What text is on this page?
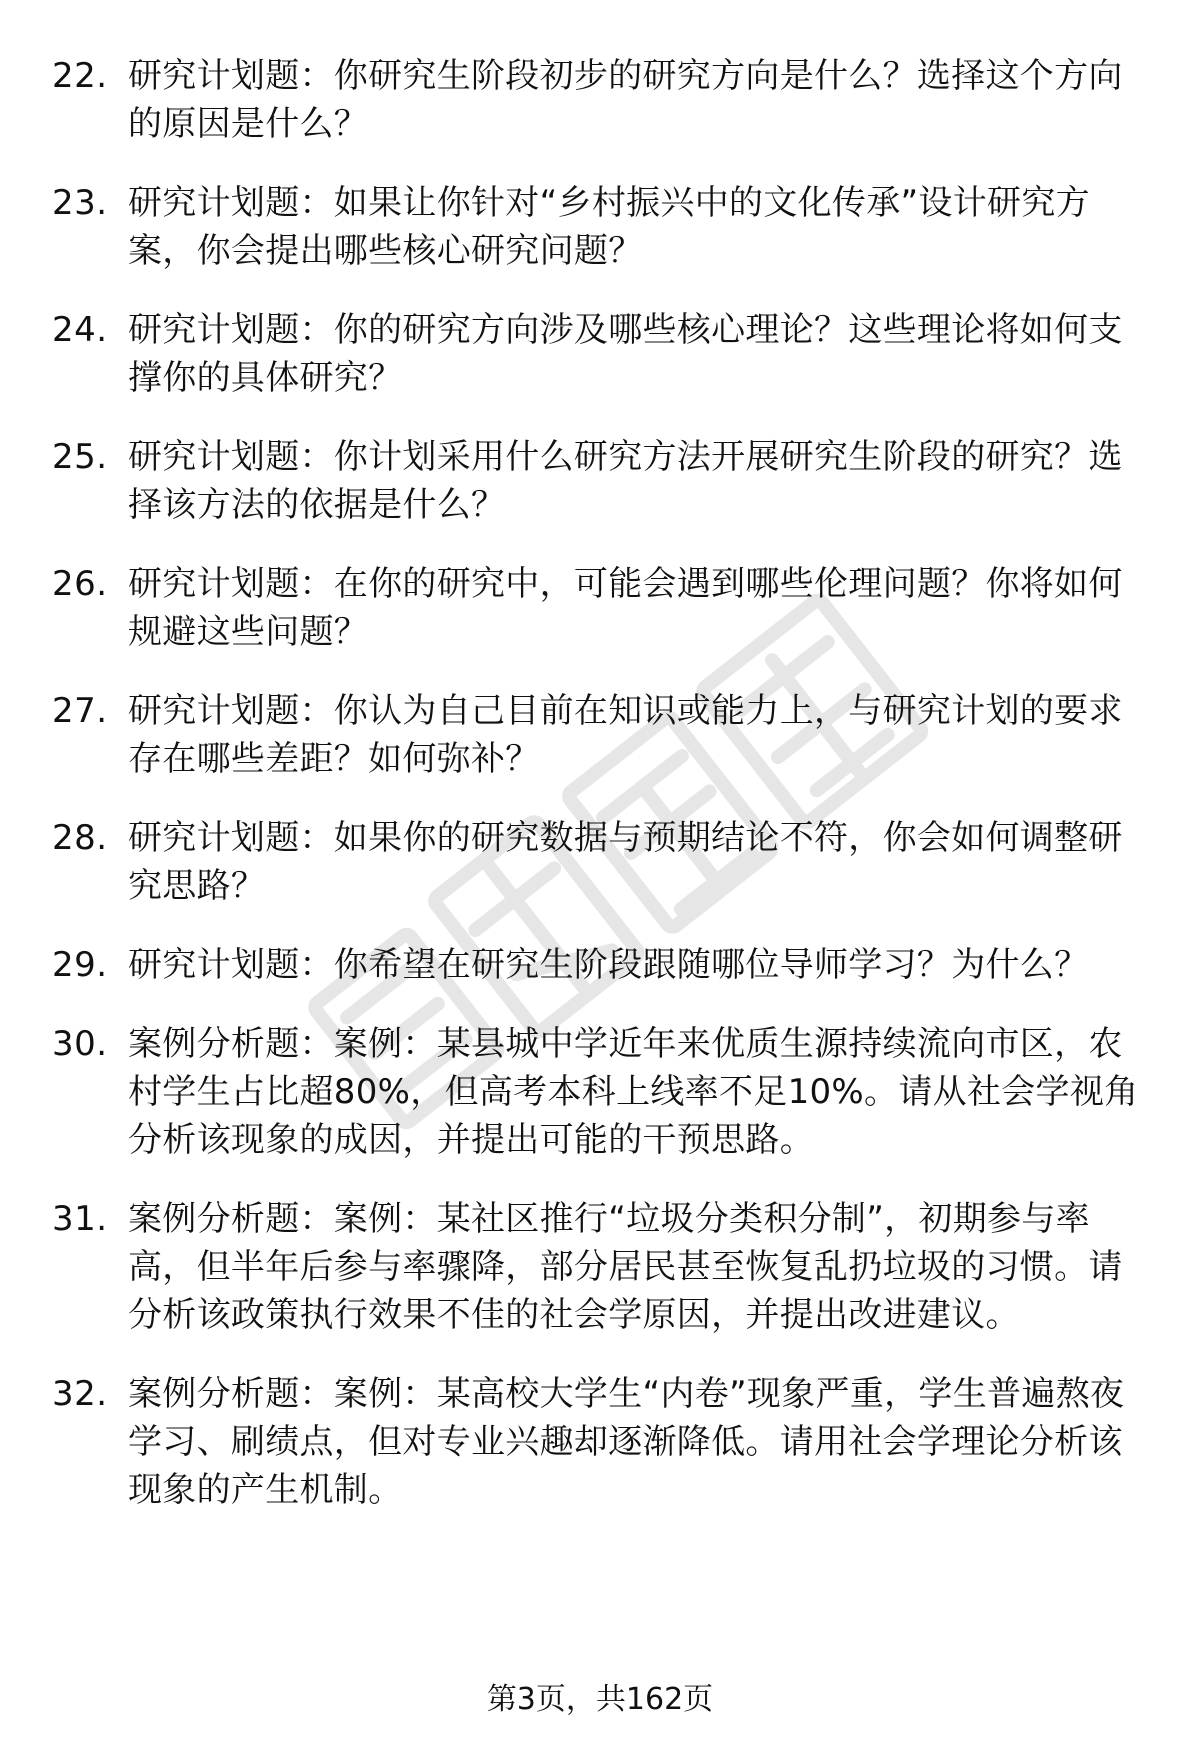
22. 研究计划题：你研究生阶段初步的研究方向是什么？选择这个方向的原因是什么？
23. 研究计划题：如果让你针对“乡村振兴中的文化传承”设计研究方案，你会提出哪些核心研究问题？
24. 研究计划题：你的研究方向涉及哪些核心理论？这些理论将如何支撑你的具体研究？
25. 研究计划题：你计划采用什么研究方法开展研究生阶段的研究？选择该方法的依据是什么？
26. 研究计划题：在你的研究中，可能会遇到哪些伦理问题？你将如何规避这些问题？
27. 研究计划题：你认为自己目前在知识或能力上，与研究计划的要求存在哪些差距？如何弥补？
28. 研究计划题：如果你的研究数据与预期结论不符，你会如何调整研究思路？
29. 研究计划题：你希望在研究生阶段跟随哪位导师学习？为什么？
30. 案例分析题：案例：某县城中学近年来优质生源持续流向市区，农村学生占比超80%，但高考本科上线率不足10%。请从社会学视角分析该现象的成因，并提出可能的干预思路。
31. 案例分析题：案例：某社区推行“垃圾分类积分制”，初期参与率高，但半年后参与率骤降，部分居民甚至恢复乱扔垃圾的习惯。请分析该政策执行效果不佳的社会学原因，并提出改进建议。
32. 案例分析题：案例：某高校大学生“内卷”现象严重，学生普遍熬夜学习、刷绩点，但对专业兴趣却逐渐降低。请用社会学理论分析该现象的产生机制。
第3页，共162页
